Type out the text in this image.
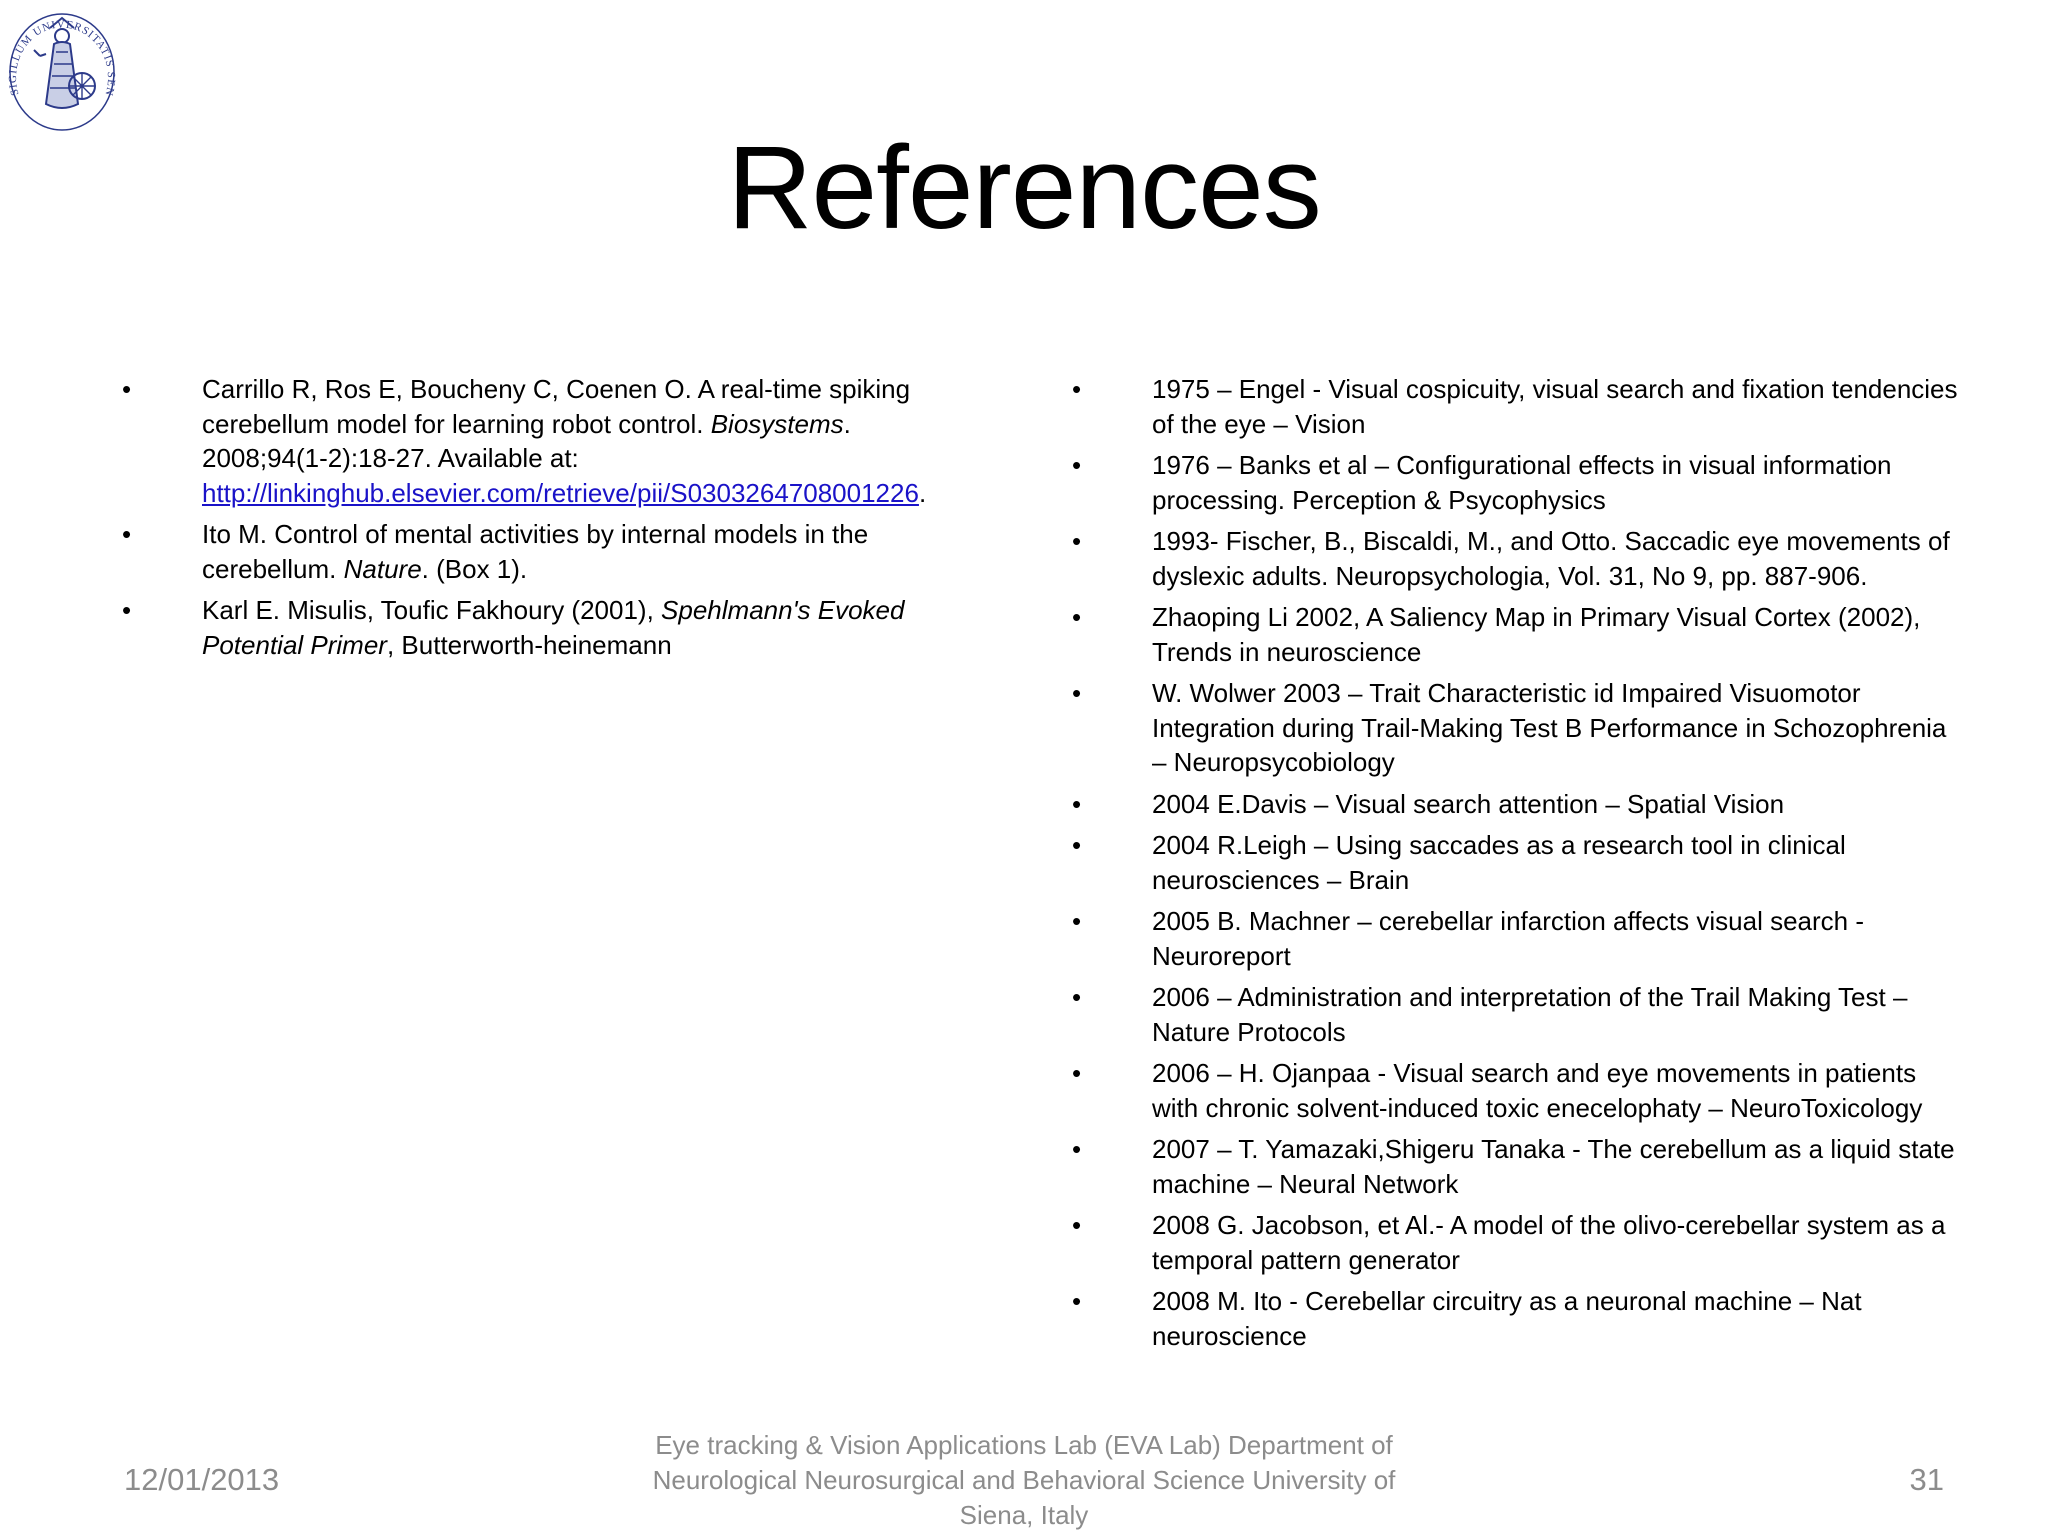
SIGILLUM UNIVERSITATIS SEN
References
• Carrillo R, Ros E, Boucheny C, Coenen O. A real-time spiking cerebellum model for learning robot control. Biosystems. 2008;94(1-2):18-27. Available at: http://linkinghub.elsevier.com/retrieve/pii/S0303264708001226.
• Ito M. Control of mental activities by internal models in the cerebellum. Nature. (Box 1).
• Karl E. Misulis, Toufic Fakhoury (2001), Spehlmann's Evoked Potential Primer, Butterworth-heinemann
• 1975 – Engel - Visual cospicuity, visual search and fixation tendencies of the eye – Vision
• 1976 – Banks et al – Configurational effects in visual information processing. Perception & Psycophysics
• 1993- Fischer, B., Biscaldi, M., and Otto. Saccadic eye movements of dyslexic adults. Neuropsychologia, Vol. 31, No 9, pp. 887-906.
• Zhaoping Li 2002, A Saliency Map in Primary Visual Cortex (2002), Trends in neuroscience
• W. Wolwer 2003 – Trait Characteristic id Impaired Visuomotor Integration during Trail-Making Test B Performance in Schozophrenia – Neuropsycobiology
• 2004 E.Davis – Visual search attention – Spatial Vision
• 2004 R.Leigh – Using saccades as a research tool in clinical neurosciences – Brain
• 2005 B. Machner – cerebellar infarction affects visual search - Neuroreport
• 2006 – Administration and interpretation of the Trail Making Test – Nature Protocols
• 2006 – H. Ojanpaa - Visual search and eye movements in patients with chronic solvent-induced toxic enecelophaty – NeuroToxicology
• 2007 – T. Yamazaki,Shigeru Tanaka - The cerebellum as a liquid state machine – Neural Network
• 2008 G. Jacobson, et Al.- A model of the olivo-cerebellar system as a temporal pattern generator
• 2008 M. Ito - Cerebellar circuitry as a neuronal machine – Nat neuroscience
12/01/2013
Eye tracking & Vision Applications Lab (EVA Lab) Department of Neurological Neurosurgical and Behavioral Science University of Siena, Italy
31
